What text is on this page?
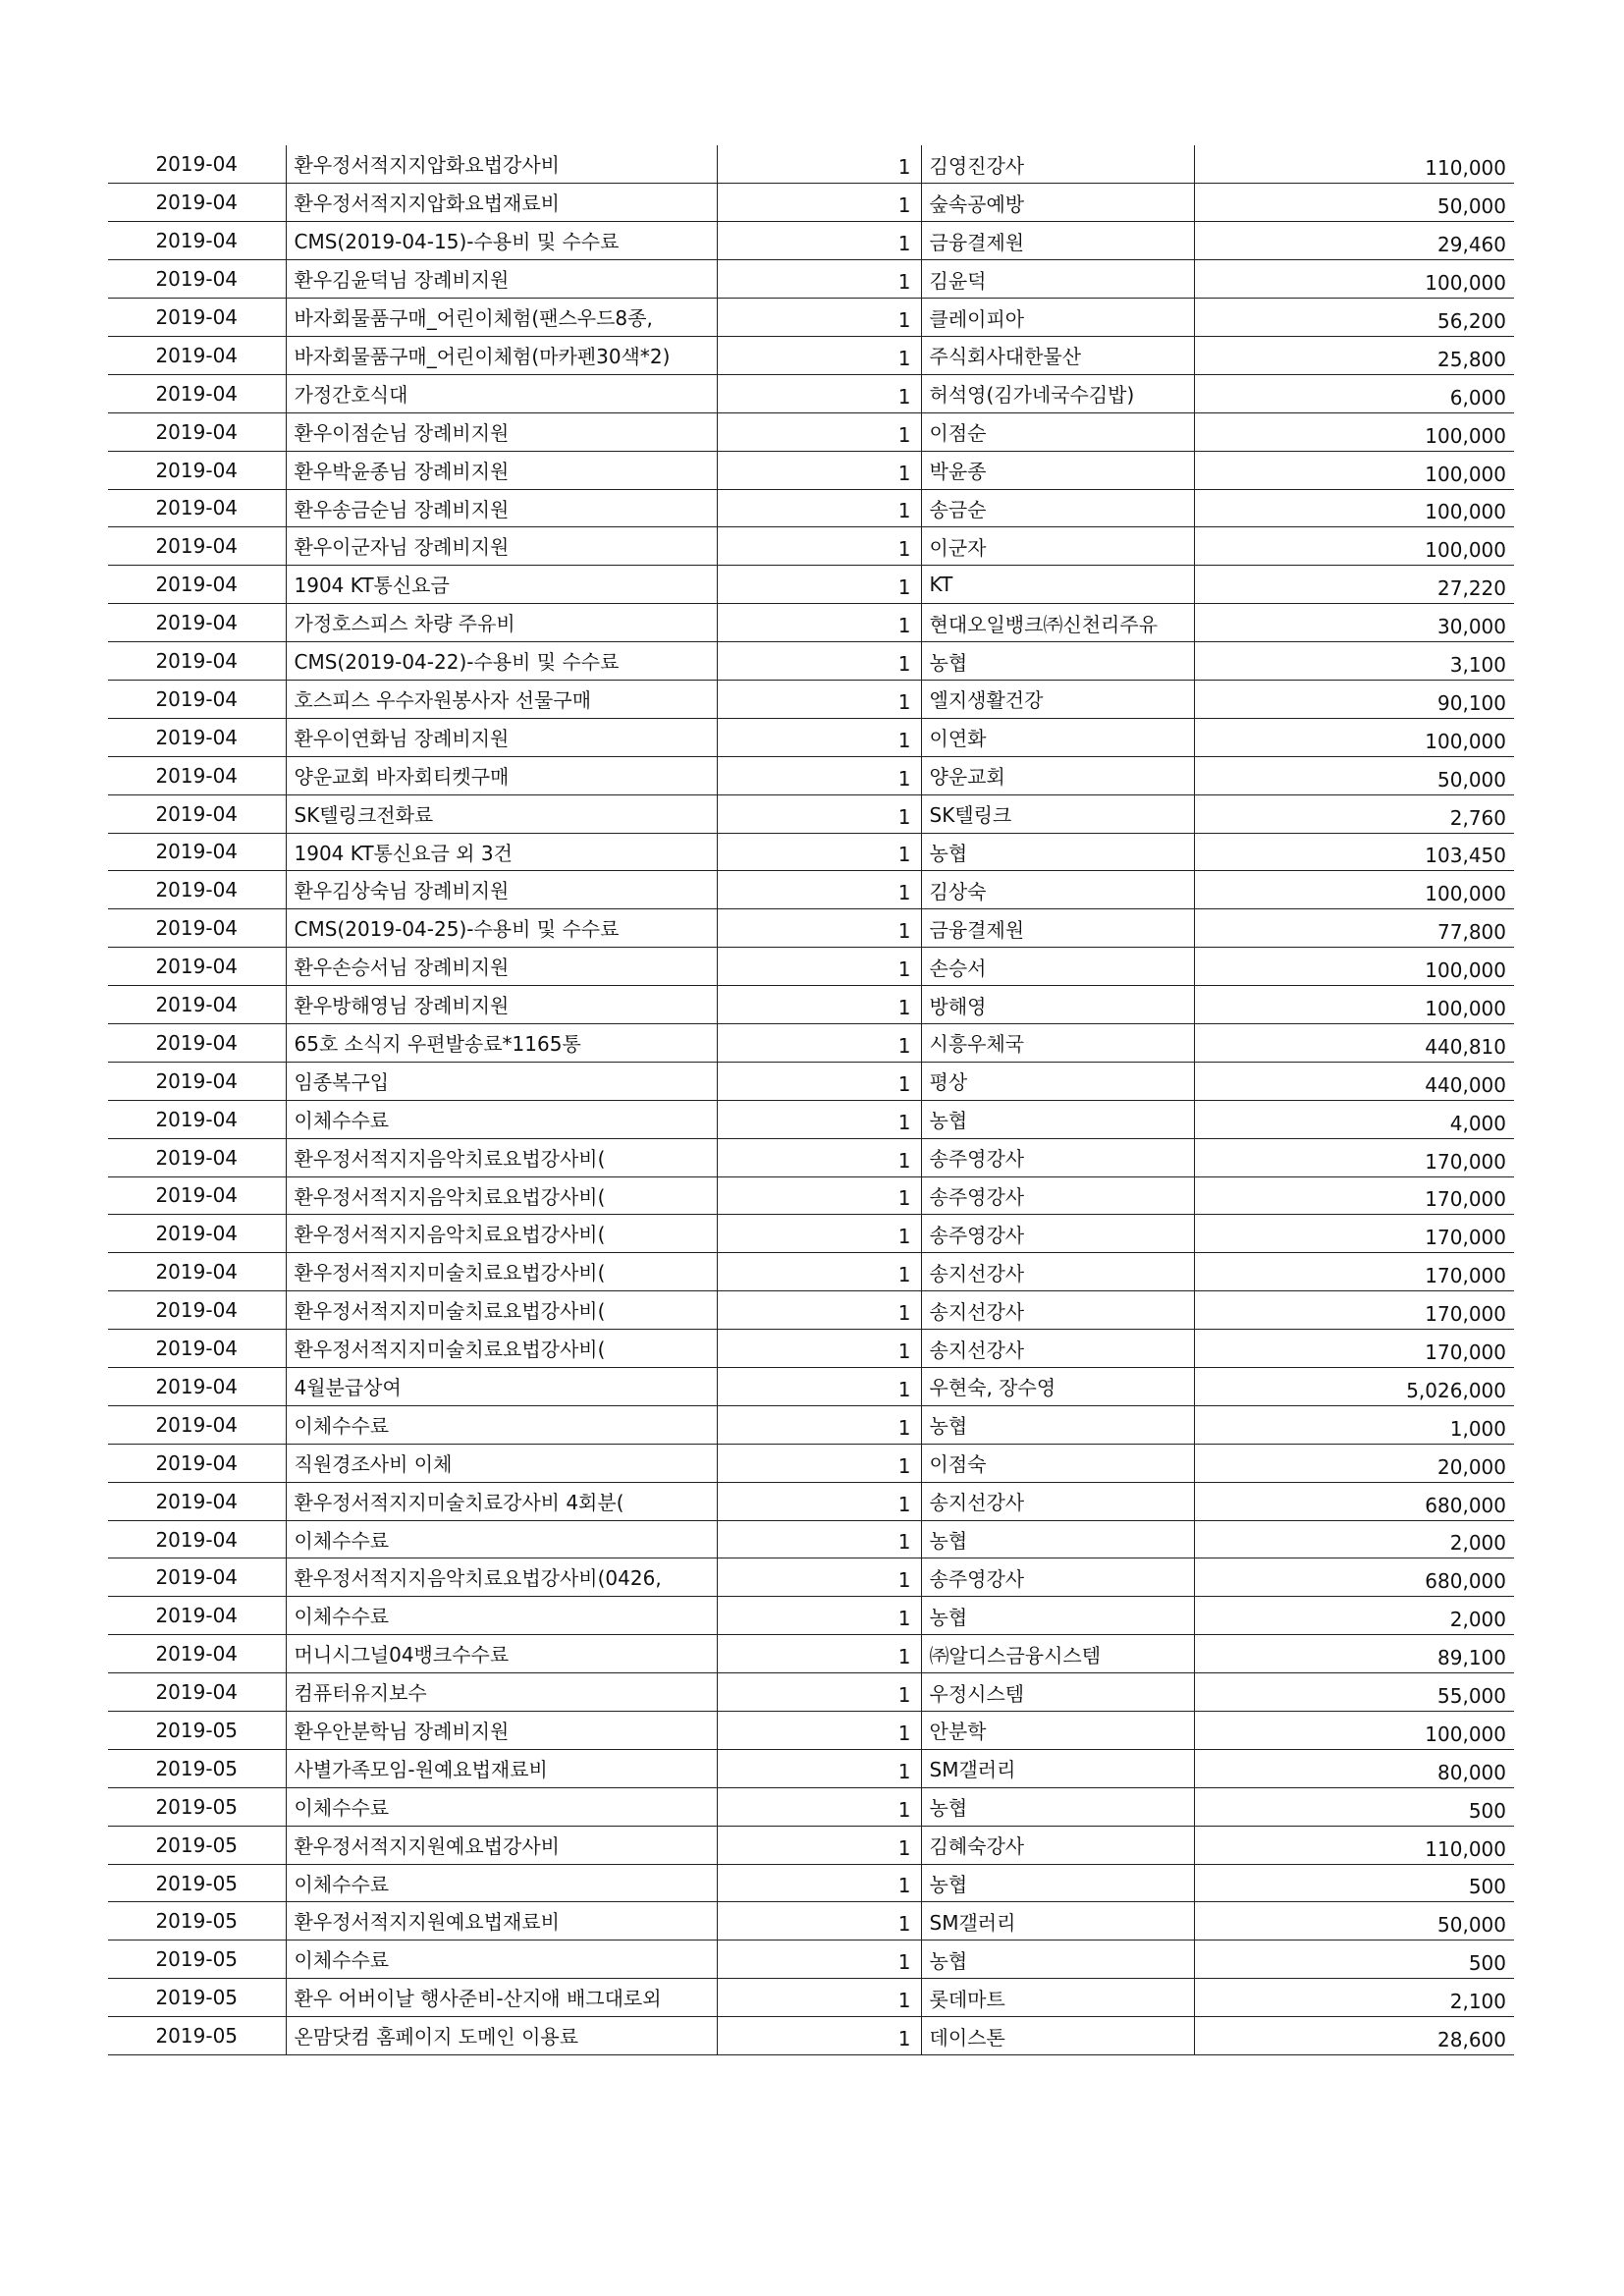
2019-04	환우정서적지지압화요법강사비	1	김영진강사	110,000
2019-04	환우정서적지지압화요법재료비	1	숲속공예방	50,000
2019-04	CMS(2019-04-15)-수용비 및 수수료	1	금융결제원	29,460
2019-04	환우김윤덕님 장례비지원	1	김윤덕	100,000
2019-04	바자회물품구매_어린이체험(팬스우드8종,	1	클레이피아	56,200
2019-04	바자회물품구매_어린이체험(마카펜30색*2)	1	주식회사대한물산	25,800
2019-04	가정간호식대	1	허석영(김가네국수김밥)	6,000
2019-04	환우이점순님 장례비지원	1	이점순	100,000
2019-04	환우박윤종님 장례비지원	1	박윤종	100,000
2019-04	환우송금순님 장례비지원	1	송금순	100,000
2019-04	환우이군자님 장례비지원	1	이군자	100,000
2019-04	1904 KT통신요금	1	KT	27,220
2019-04	가정호스피스 차량 주유비	1	현대오일뱅크㈜신천리주유	30,000
2019-04	CMS(2019-04-22)-수용비 및 수수료	1	농협	3,100
2019-04	호스피스 우수자원봉사자 선물구매	1	엘지생활건강	90,100
2019-04	환우이연화님 장례비지원	1	이연화	100,000
2019-04	양운교회 바자회티켓구매	1	양운교회	50,000
2019-04	SK텔링크전화료	1	SK텔링크	2,760
2019-04	1904 KT통신요금 외 3건	1	농협	103,450
2019-04	환우김상숙님 장례비지원	1	김상숙	100,000
2019-04	CMS(2019-04-25)-수용비 및 수수료	1	금융결제원	77,800
2019-04	환우손승서님 장례비지원	1	손승서	100,000
2019-04	환우방해영님 장례비지원	1	방해영	100,000
2019-04	65호 소식지 우편발송료*1165통	1	시흥우체국	440,810
2019-04	임종복구입	1	평상	440,000
2019-04	이체수수료	1	농협	4,000
2019-04	환우정서적지지음악치료요법강사비(	1	송주영강사	170,000
2019-04	환우정서적지지음악치료요법강사비(	1	송주영강사	170,000
2019-04	환우정서적지지음악치료요법강사비(	1	송주영강사	170,000
2019-04	환우정서적지지미술치료요법강사비(	1	송지선강사	170,000
2019-04	환우정서적지지미술치료요법강사비(	1	송지선강사	170,000
2019-04	환우정서적지지미술치료요법강사비(	1	송지선강사	170,000
2019-04	4월분급상여	1	우현숙, 장수영	5,026,000
2019-04	이체수수료	1	농협	1,000
2019-04	직원경조사비 이체	1	이점숙	20,000
2019-04	환우정서적지지미술치료강사비 4회분(	1	송지선강사	680,000
2019-04	이체수수료	1	농협	2,000
2019-04	환우정서적지지음악치료요법강사비(0426,	1	송주영강사	680,000
2019-04	이체수수료	1	농협	2,000
2019-04	머니시그널04뱅크수수료	1	㈜알디스금융시스템	89,100
2019-04	컴퓨터유지보수	1	우정시스템	55,000
2019-05	환우안분학님 장례비지원	1	안분학	100,000
2019-05	사별가족모임-원예요법재료비	1	SM갤러리	80,000
2019-05	이체수수료	1	농협	500
2019-05	환우정서적지지원예요법강사비	1	김혜숙강사	110,000
2019-05	이체수수료	1	농협	500
2019-05	환우정서적지지원예요법재료비	1	SM갤러리	50,000
2019-05	이체수수료	1	농협	500
2019-05	환우 어버이날 행사준비-산지애 배그대로외	1	롯데마트	2,100
2019-05	온맘닷컴 홈페이지 도메인 이용료	1	데이스톤	28,600
